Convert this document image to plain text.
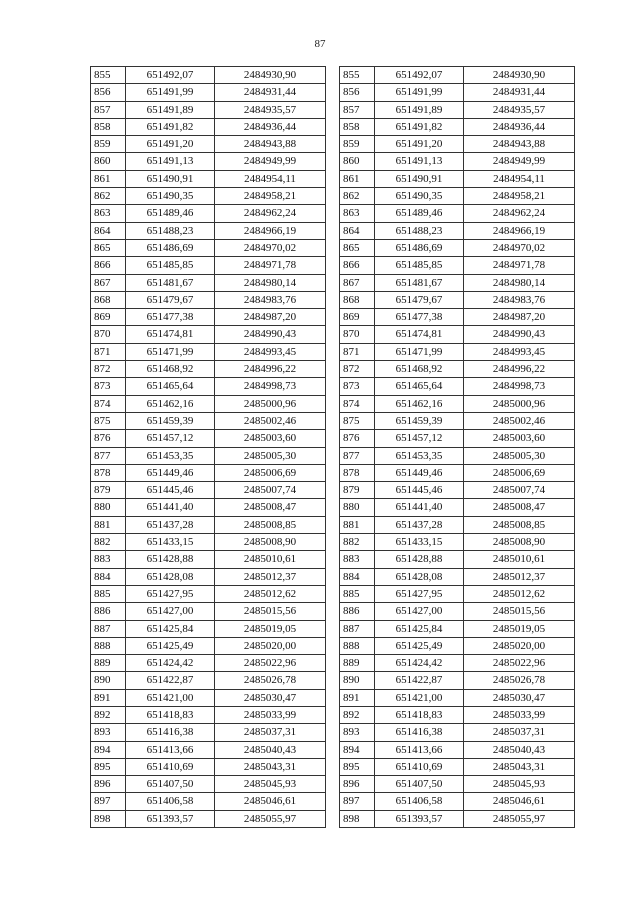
87
855	651492,07	2484930,90
856	651491,99	2484931,44
857	651491,89	2484935,57
858	651491,82	2484936,44
859	651491,20	2484943,88
860	651491,13	2484949,99
861	651490,91	2484954,11
862	651490,35	2484958,21
863	651489,46	2484962,24
864	651488,23	2484966,19
865	651486,69	2484970,02
866	651485,85	2484971,78
867	651481,67	2484980,14
868	651479,67	2484983,76
869	651477,38	2484987,20
870	651474,81	2484990,43
871	651471,99	2484993,45
872	651468,92	2484996,22
873	651465,64	2484998,73
874	651462,16	2485000,96
875	651459,39	2485002,46
876	651457,12	2485003,60
877	651453,35	2485005,30
878	651449,46	2485006,69
879	651445,46	2485007,74
880	651441,40	2485008,47
881	651437,28	2485008,85
882	651433,15	2485008,90
883	651428,88	2485010,61
884	651428,08	2485012,37
885	651427,95	2485012,62
886	651427,00	2485015,56
887	651425,84	2485019,05
888	651425,49	2485020,00
889	651424,42	2485022,96
890	651422,87	2485026,78
891	651421,00	2485030,47
892	651418,83	2485033,99
893	651416,38	2485037,31
894	651413,66	2485040,43
895	651410,69	2485043,31
896	651407,50	2485045,93
897	651406,58	2485046,61
898	651393,57	2485055,97
855	651492,07	2484930,90
856	651491,99	2484931,44
857	651491,89	2484935,57
858	651491,82	2484936,44
859	651491,20	2484943,88
860	651491,13	2484949,99
861	651490,91	2484954,11
862	651490,35	2484958,21
863	651489,46	2484962,24
864	651488,23	2484966,19
865	651486,69	2484970,02
866	651485,85	2484971,78
867	651481,67	2484980,14
868	651479,67	2484983,76
869	651477,38	2484987,20
870	651474,81	2484990,43
871	651471,99	2484993,45
872	651468,92	2484996,22
873	651465,64	2484998,73
874	651462,16	2485000,96
875	651459,39	2485002,46
876	651457,12	2485003,60
877	651453,35	2485005,30
878	651449,46	2485006,69
879	651445,46	2485007,74
880	651441,40	2485008,47
881	651437,28	2485008,85
882	651433,15	2485008,90
883	651428,88	2485010,61
884	651428,08	2485012,37
885	651427,95	2485012,62
886	651427,00	2485015,56
887	651425,84	2485019,05
888	651425,49	2485020,00
889	651424,42	2485022,96
890	651422,87	2485026,78
891	651421,00	2485030,47
892	651418,83	2485033,99
893	651416,38	2485037,31
894	651413,66	2485040,43
895	651410,69	2485043,31
896	651407,50	2485045,93
897	651406,58	2485046,61
898	651393,57	2485055,97
